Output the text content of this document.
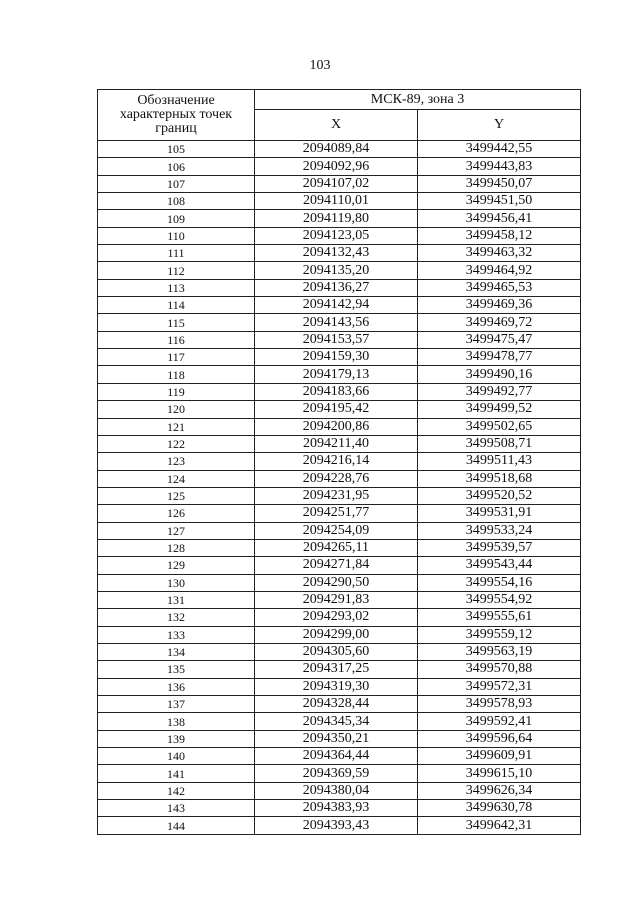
103
Обозначение характерных точек границ	МСК-89, зона 3	
	X	Y
105	2094089,84	3499442,55
106	2094092,96	3499443,83
107	2094107,02	3499450,07
108	2094110,01	3499451,50
109	2094119,80	3499456,41
110	2094123,05	3499458,12
111	2094132,43	3499463,32
112	2094135,20	3499464,92
113	2094136,27	3499465,53
114	2094142,94	3499469,36
115	2094143,56	3499469,72
116	2094153,57	3499475,47
117	2094159,30	3499478,77
118	2094179,13	3499490,16
119	2094183,66	3499492,77
120	2094195,42	3499499,52
121	2094200,86	3499502,65
122	2094211,40	3499508,71
123	2094216,14	3499511,43
124	2094228,76	3499518,68
125	2094231,95	3499520,52
126	2094251,77	3499531,91
127	2094254,09	3499533,24
128	2094265,11	3499539,57
129	2094271,84	3499543,44
130	2094290,50	3499554,16
131	2094291,83	3499554,92
132	2094293,02	3499555,61
133	2094299,00	3499559,12
134	2094305,60	3499563,19
135	2094317,25	3499570,88
136	2094319,30	3499572,31
137	2094328,44	3499578,93
138	2094345,34	3499592,41
139	2094350,21	3499596,64
140	2094364,44	3499609,91
141	2094369,59	3499615,10
142	2094380,04	3499626,34
143	2094383,93	3499630,78
144	2094393,43	3499642,31
